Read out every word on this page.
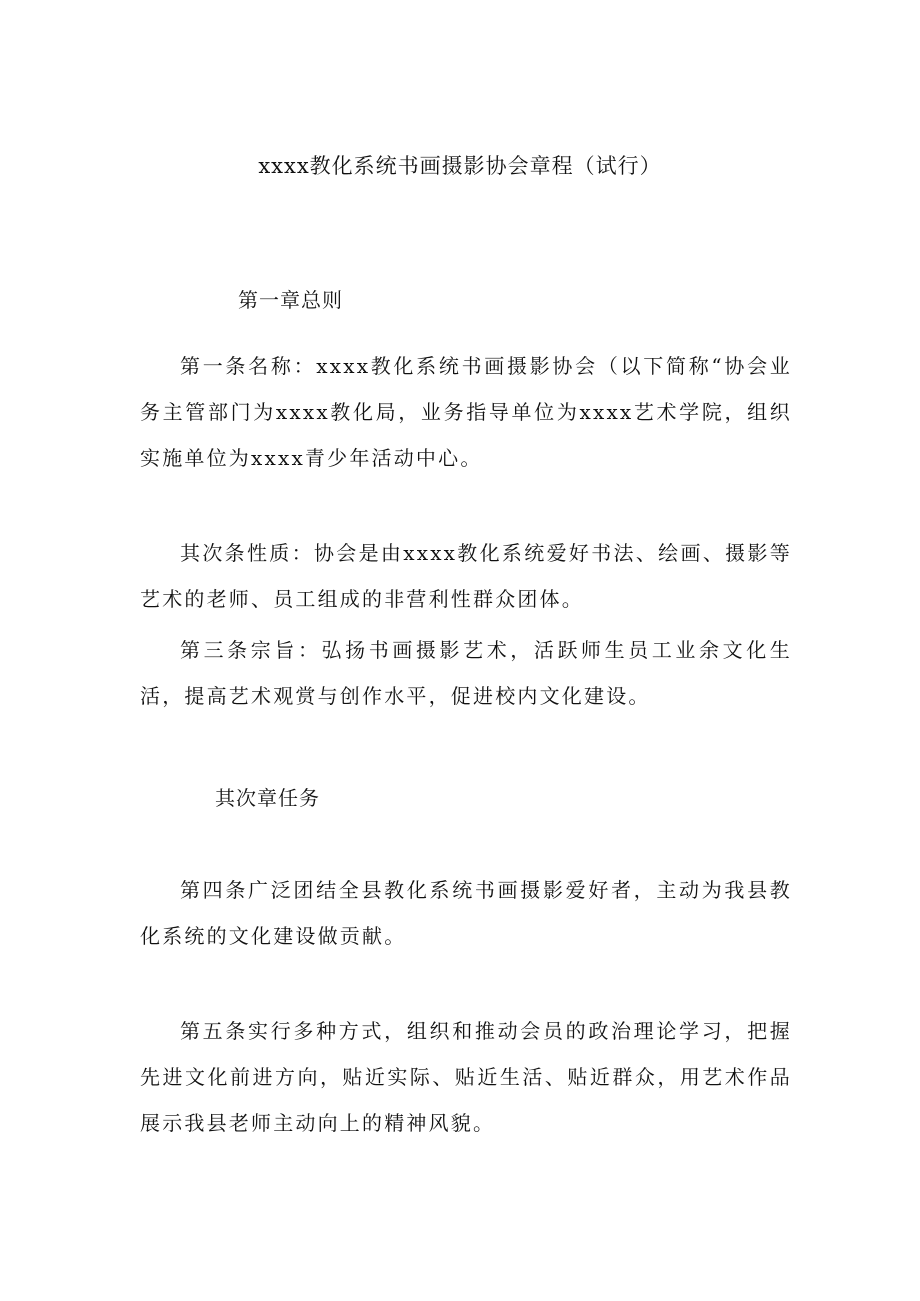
xxxx教化系统书画摄影协会章程（试行）
第一章总则

第一条名称：xxxx教化系统书画摄影协会（以下简称“协会业务主管部门为xxxx教化局，业务指导单位为xxxx艺术学院，组织实施单位为xxxx青少年活动中心。

其次条性质：协会是由xxxx教化系统爱好书法、绘画、摄影等艺术的老师、员工组成的非营利性群众团体。

第三条宗旨：弘扬书画摄影艺术，活跃师生员工业余文化生活，提高艺术观赏与创作水平，促进校内文化建设。

其次章任务

第四条广泛团结全县教化系统书画摄影爱好者，主动为我县教化系统的文化建设做贡献。

第五条实行多种方式，组织和推动会员的政治理论学习，把握先进文化前进方向，贴近实际、贴近生活、贴近群众，用艺术作品展示我县老师主动向上的精神风貌。
